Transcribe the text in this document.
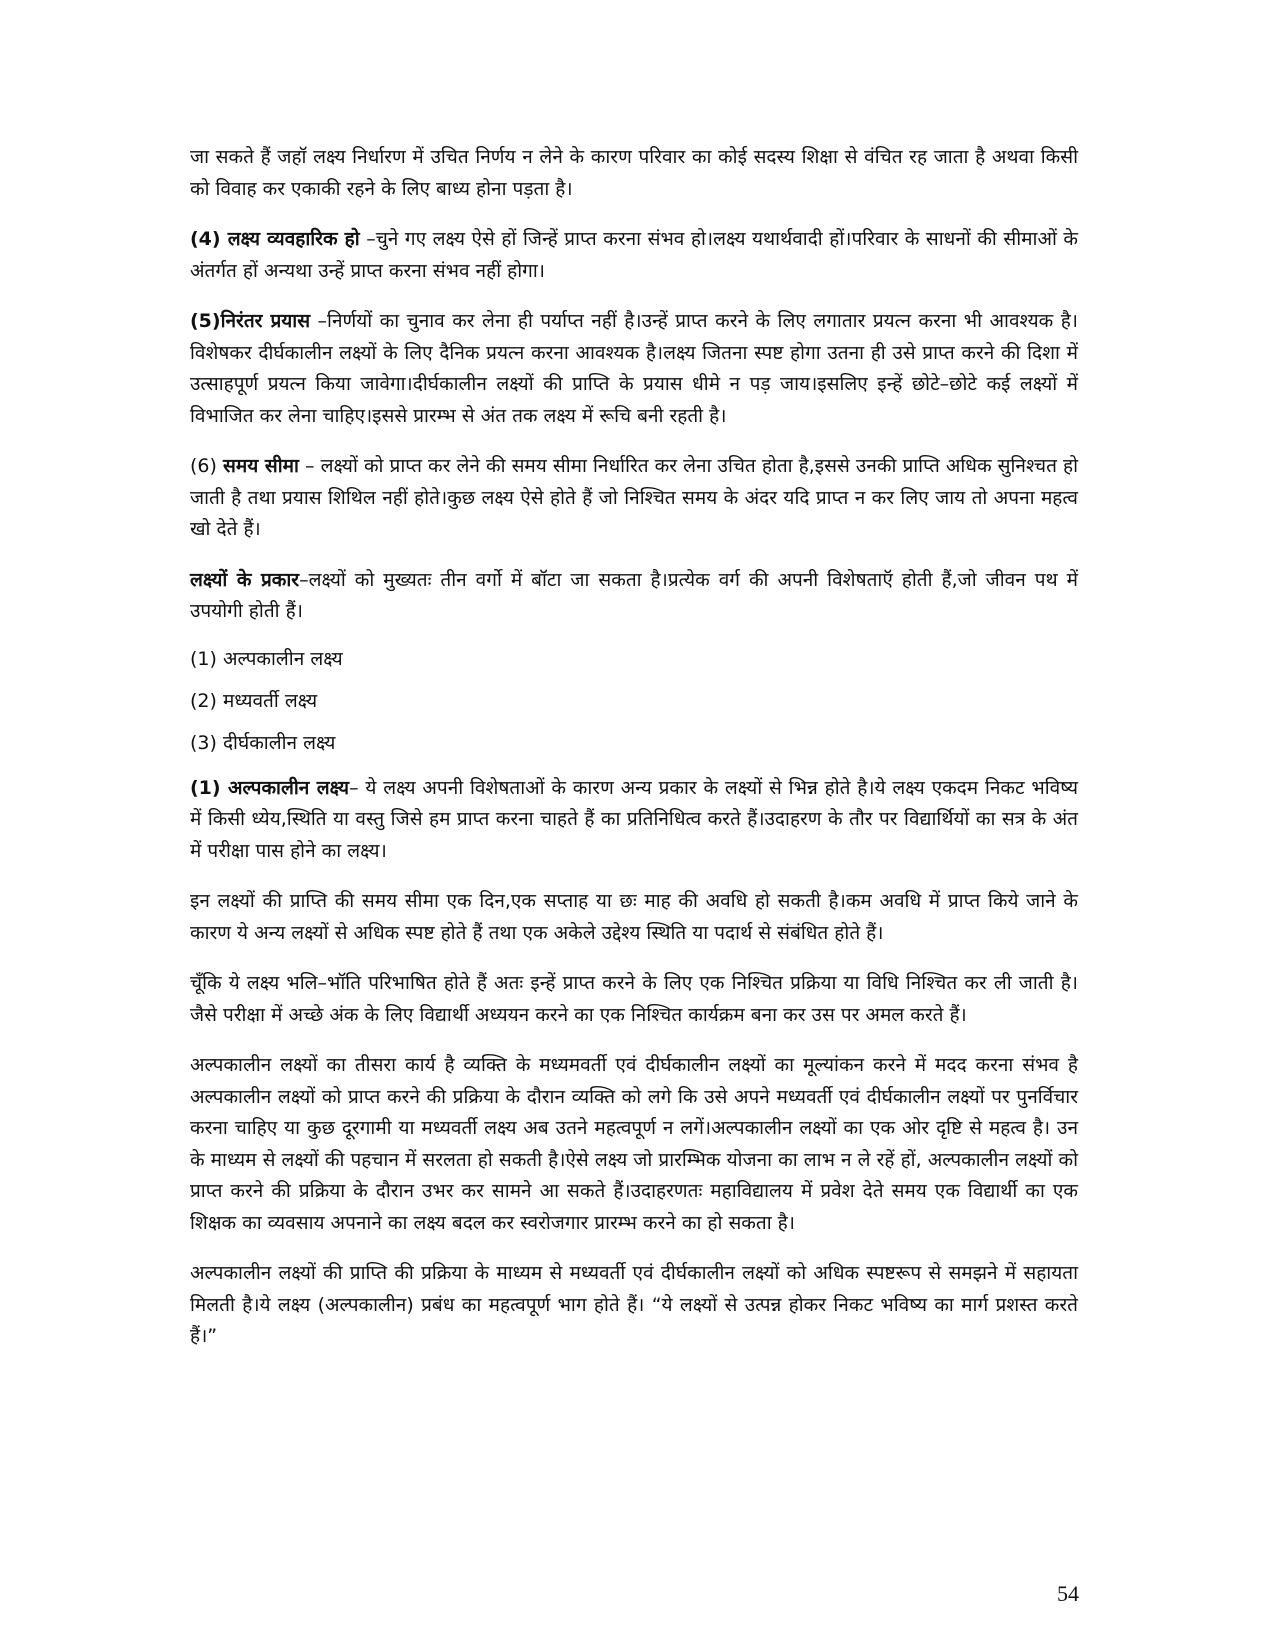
जा सकते हैं जहॉ लक्ष्य निर्धारण में उचित निर्णय न लेने के कारण परिवार का कोई सदस्य शिक्षा से वंचित रह जाता है अथवा किसी को विवाह कर एकाकी रहने के लिए बाध्य होना पड़ता है।

(4) लक्ष्य व्यवहारिक हो –चुने गए लक्ष्य ऐसे हों जिन्हें प्राप्त करना संभव हो।लक्ष्य यथार्थवादी हों।परिवार के साधनों की सीमाओं के अंतर्गत हों अन्यथा उन्हें प्राप्त करना संभव नहीं होगा।

(5)निरंतर प्रयास –निर्णयों का चुनाव कर लेना ही पर्याप्त नहीं है।उन्हें प्राप्त करने के लिए लगातार प्रयत्न करना भी आवश्यक है।विशेषकर दीर्घकालीन लक्ष्यों के लिए दैनिक प्रयत्न करना आवश्यक है।लक्ष्य जितना स्पष्ट होगा उतना ही उसे प्राप्त करने की दिशा में उत्साहपूर्ण प्रयत्न किया जावेगा।दीर्घकालीन लक्ष्यों की प्राप्ति के प्रयास धीमे न पड़ जाय।इसलिए इन्हें छोटे–छोटे कई लक्ष्यों में विभाजित कर लेना चाहिए।इससे प्रारम्भ से अंत तक लक्ष्य में रूचि बनी रहती है।

(6) समय सीमा – लक्ष्यों को प्राप्त कर लेने की समय सीमा निर्धारित कर लेना उचित होता है,इससे उनकी प्राप्ति अधिक सुनिश्चत हो जाती है तथा प्रयास शिथिल नहीं होते।कुछ लक्ष्य ऐसे होते हैं जो निश्चित समय के अंदर यदि प्राप्त न कर लिए जाय तो अपना महत्व खो देते हैं।

लक्ष्यों के प्रकार–लक्ष्यों को मुख्यतः तीन वर्गो में बॉटा जा सकता है।प्रत्येक वर्ग की अपनी विशेषताऍ होती हैं,जो जीवन पथ में उपयोगी होती हैं।

(1) अल्पकालीन लक्ष्य
(2) मध्यवर्ती लक्ष्य
(3) दीर्घकालीन लक्ष्य

(1) अल्पकालीन लक्ष्य– ये लक्ष्य अपनी विशेषताओं के कारण अन्य प्रकार के लक्ष्यों से भिन्न होते है।ये लक्ष्य एकदम निकट भविष्य में किसी ध्येय,स्थिति या वस्तु जिसे हम प्राप्त करना चाहते हैं का प्रतिनिधित्व करते हैं।उदाहरण के तौर पर विद्यार्थियों का सत्र के अंत में परीक्षा पास होने का लक्ष्य।

इन लक्ष्यों की प्राप्ति की समय सीमा एक दिन,एक सप्ताह या छः माह की अवधि हो सकती है।कम अवधि में प्राप्त किये जाने के कारण ये अन्य लक्ष्यों से अधिक स्पष्ट होते हैं तथा एक अकेले उद्देश्य स्थिति या पदार्थ से संबंधित होते हैं।

चूँकि ये लक्ष्य भलि–भॉति परिभाषित होते हैं अतः इन्हें प्राप्त करने के लिए एक निश्चित प्रक्रिया या विधि निश्चित कर ली जाती है।जैसे परीक्षा में अच्छे अंक के लिए विद्यार्थी अध्ययन करने का एक निश्चित कार्यक्रम बना कर उस पर अमल करते हैं।

अल्पकालीन लक्ष्यों का तीसरा कार्य है व्यक्ति के मध्यमवर्ती एवं दीर्घकालीन लक्ष्यों का मूल्यांकन करने में मदद करना संभव है अल्पकालीन लक्ष्यों को प्राप्त करने की प्रक्रिया के दौरान व्यक्ति को लगे कि उसे अपने मध्यवर्ती एवं दीर्घकालीन लक्ष्यों पर पुनर्विचार करना चाहिए या कुछ दूरगामी या मध्यवर्ती लक्ष्य अब उतने महत्वपूर्ण न लगें।अल्पकालीन लक्ष्यों का एक ओर दृष्टि से महत्व है। उन के माध्यम से लक्ष्यों की पहचान में सरलता हो सकती है।ऐसे लक्ष्य जो प्रारम्भिक योजना का लाभ न ले रहें हों, अल्पकालीन लक्ष्यों को प्राप्त करने की प्रक्रिया के दौरान उभर कर सामने आ सकते हैं।उदाहरणतः महाविद्यालय में प्रवेश देते समय एक विद्यार्थी का एक शिक्षक का व्यवसाय अपनाने का लक्ष्य बदल कर स्वरोजगार प्रारम्भ करने का हो सकता है।

अल्पकालीन लक्ष्यों की प्राप्ति की प्रक्रिया के माध्यम से मध्यवर्ती एवं दीर्घकालीन लक्ष्यों को अधिक स्पष्टरूप से समझने में सहायता मिलती है।ये लक्ष्य (अल्पकालीन) प्रबंध का महत्वपूर्ण भाग होते हैं। “ये लक्ष्यों से उत्पन्न होकर निकट भविष्य का मार्ग प्रशस्त करते हैं।”

54
